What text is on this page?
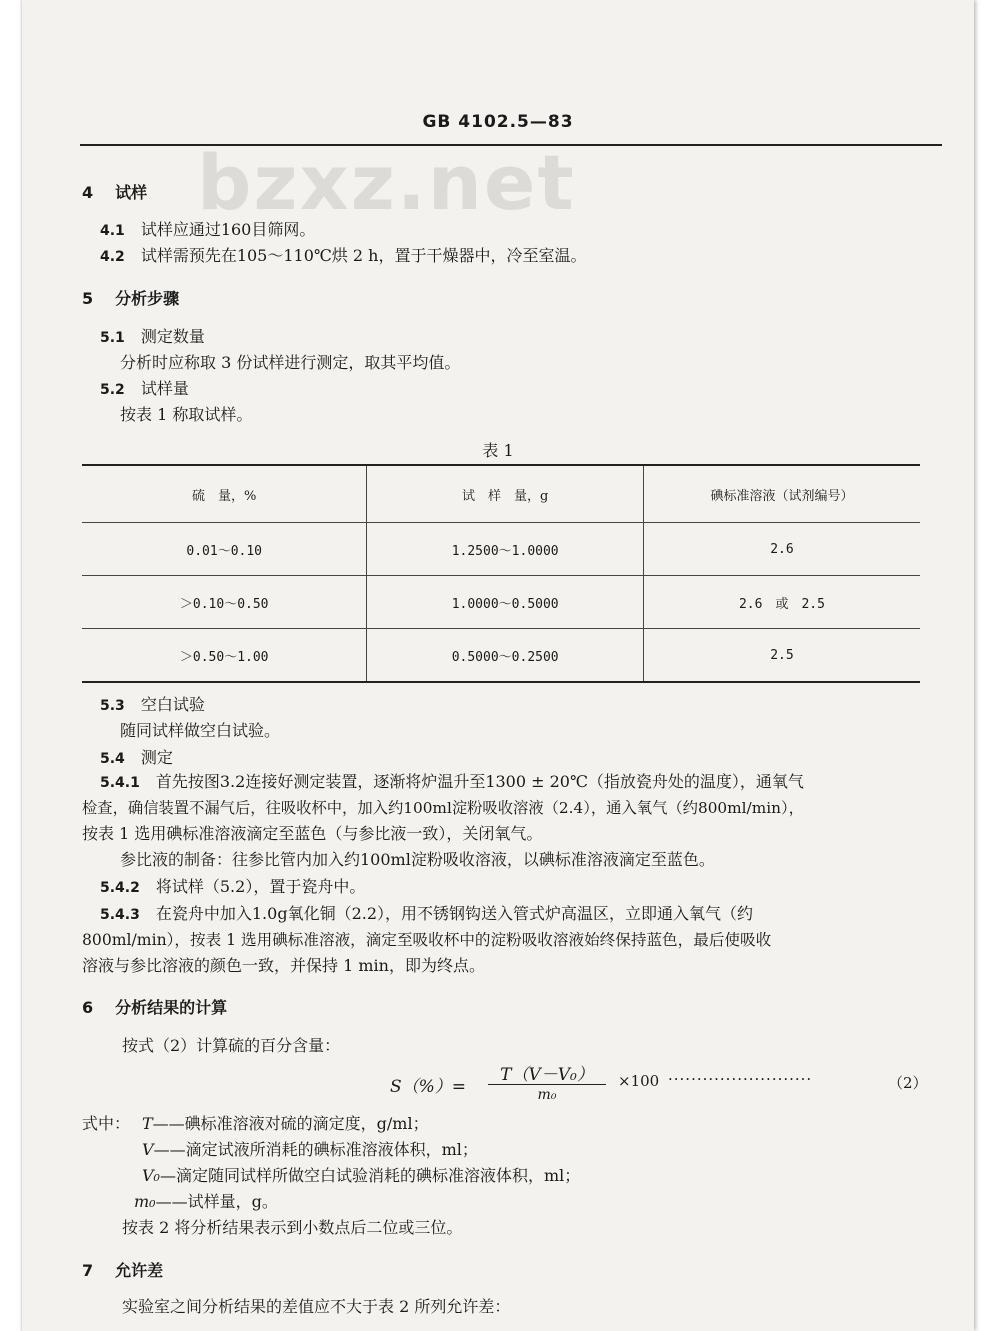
GB 4102.5—83
bzxz.net
4 试样
4.1 试样应通过160目筛网。
4.2 试样需预先在105～110℃烘 2 h，置于干燥器中，冷至室温。
5 分析步骤
5.1 测定数量
分析时应称取 3 份试样进行测定，取其平均值。
5.2 试样量
按表 1 称取试样。
表 1
硫　量，%	试　样　量，g	碘标准溶液（试剂编号）
0.01～0.10	1.2500～1.0000	2.6
＞0.10～0.50	1.0000～0.5000	2.6　或　2.5
＞0.50～1.00	0.5000～0.2500	2.5
5.3 空白试验
随同试样做空白试验。
5.4 测定
5.4.1 首先按图3.2连接好测定装置，逐渐将炉温升至1300 ± 20℃（指放瓷舟处的温度），通氧气
检查，确信装置不漏气后，往吸收杯中，加入约100ml淀粉吸收溶液（2.4），通入氧气（约800ml/min），
按表 1 选用碘标准溶液滴定至蓝色（与参比液一致），关闭氧气。
参比液的制备：往参比管内加入约100ml淀粉吸收溶液，以碘标准溶液滴定至蓝色。
5.4.2 将试样（5.2），置于瓷舟中。
5.4.3 在瓷舟中加入1.0g氧化铜（2.2），用不锈钢钩送入管式炉高温区，立即通入氧气（约
800ml/min），按表 1 选用碘标准溶液，滴定至吸收杯中的淀粉吸收溶液始终保持蓝色，最后使吸收
溶液与参比溶液的颜色一致，并保持 1 min，即为终点。
6 分析结果的计算
按式（2）计算硫的百分含量：
S（%）=
T（V－V₀）
m₀
×100 ·························	（2）
式中： T——碘标准溶液对硫的滴定度，g/ml；
V——滴定试液所消耗的碘标准溶液体积，ml；
V₀—滴定随同试样所做空白试验消耗的碘标准溶液体积，ml；
m₀——试样量，g。
按表 2 将分析结果表示到小数点后二位或三位。
7 允许差
实验室之间分析结果的差值应不大于表 2 所列允许差：
